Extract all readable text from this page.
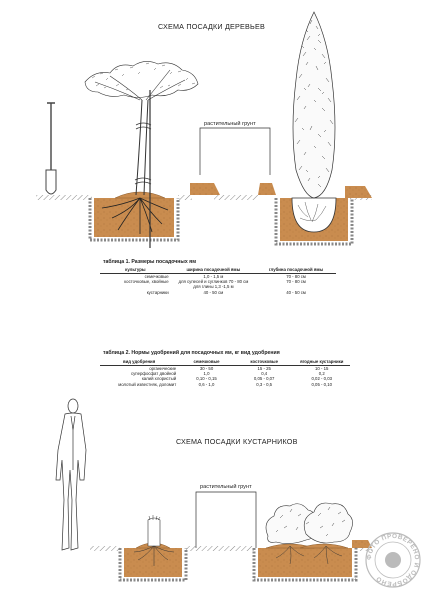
СХЕМА ПОСАДКИ ДЕРЕВЬЕВ
растительный грунт
СХЕМА ПОСАДКИ КУСТАРНИКОВ
растительный грунт
ФОТО ПРОВЕРЕНО И ОДОБРЕНО
таблица 1. Размеры посадочных ям
культуры	ширина посадочной ямы	глубина посадочной ямы
семечковые	1,0 - 1,5 м	70 - 80 см
косточковые, хвойные	для супесей и суглинков 70 - 80 см	70 - 80 см
	для глины 1,3 -1,5 м	
кустарники	40 - 50 см	40 - 50 см
таблица 2. Нормы удобрений для посадочных ям, кг вид удобрения
вид удобрения	семечковые	косточковые	ягодные кустарники
органические	30 - 50	15 - 25	10 - 15
суперфосфат двойной	1,0	0,4	0,2
калий хлористый	0,10 - 0,15	0,05 - 0,07	0,02 - 0,03
молотый известняк, доломит	0,6 - 1,0	0,3 - 0,5	0,05 - 0,10
